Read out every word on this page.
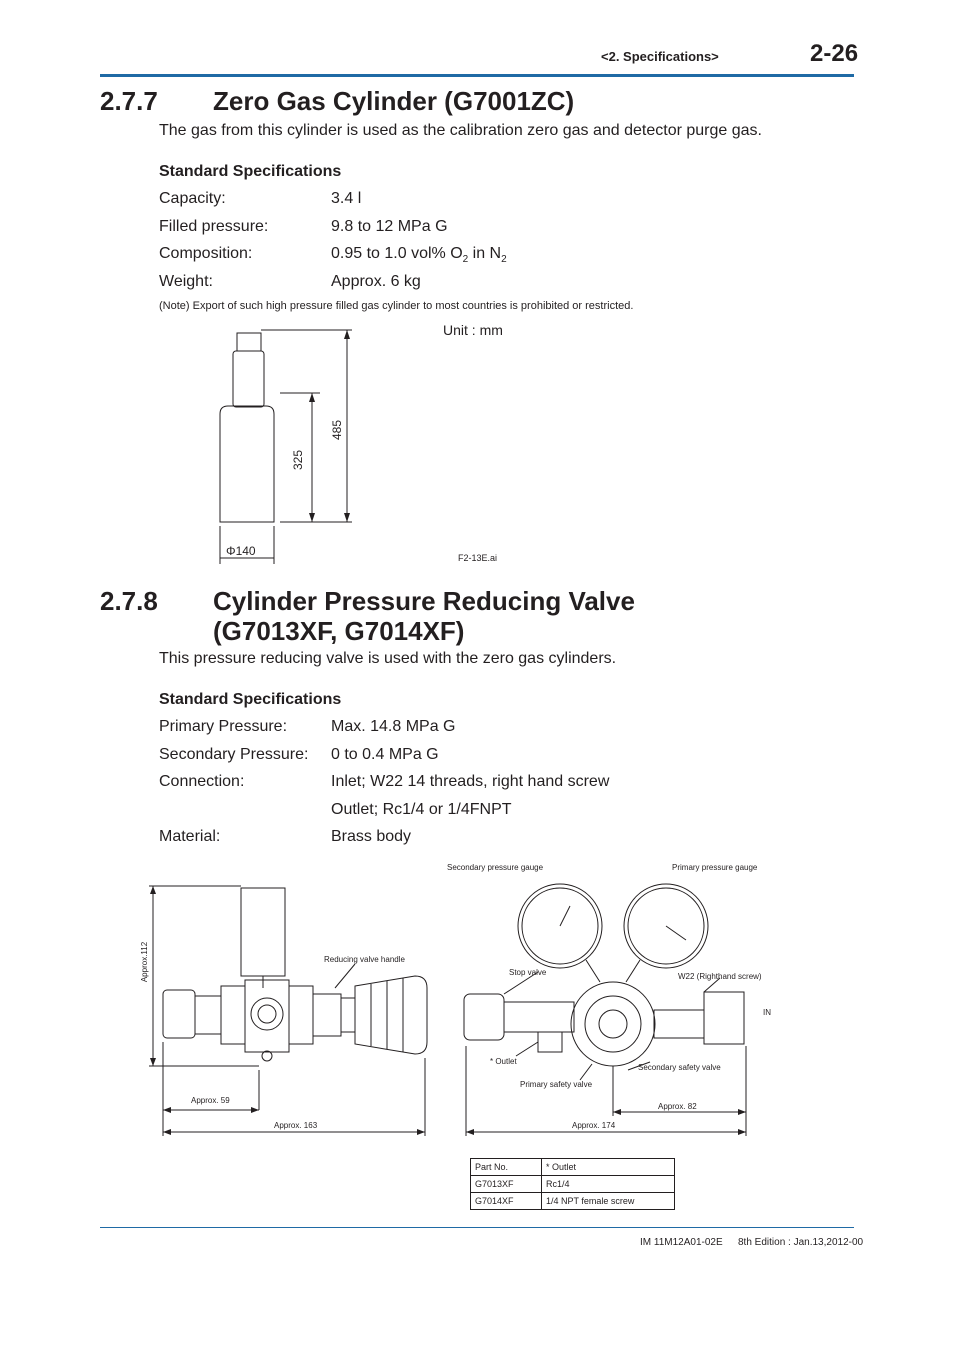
<2. Specifications>	2-26
2.7.7 Zero Gas Cylinder (G7001ZC)
The gas from this cylinder is used as the calibration zero gas and detector purge gas.
Standard Specifications
Capacity:	3.4 l
Filled pressure:	9.8 to 12 MPa G
Composition:	0.95 to 1.0 vol% $O_2$ in $N_2$
Weight:	Approx. 6 kg
(Note) Export of such high pressure filled gas cylinder to most countries is prohibited or restricted.
325
485
Φ140
Unit : mm
F2-13E.ai
2.7.8 Cylinder Pressure Reducing Valve
(G7013XF, G7014XF)
This pressure reducing valve is used with the zero gas cylinders.
Standard Specifications
Primary Pressure:	Max. 14.8 MPa G
Secondary Pressure: 0 to 0.4 MPa G
Connection:	Inlet; W22 14 threads, right hand screw
Outlet; Rc1/4 or 1/4FNPT
Material:	Brass body
Approx.112	Reducing valve handle
Approx. 59
Approx. 163
Secondary pressure gauge	Primary pressure gauge
Stop valve	W22 (Righthand screw)
IN
* Outlet
Secondary safety valve
Primary safety valve
Approx. 82
Approx. 174
Part No.	* Outlet
G7013XF	Rc1/4
G7014XF	1/4 NPT female screw
IM 11M12A01-02E 8th Edition : Jan.13,2012-00
